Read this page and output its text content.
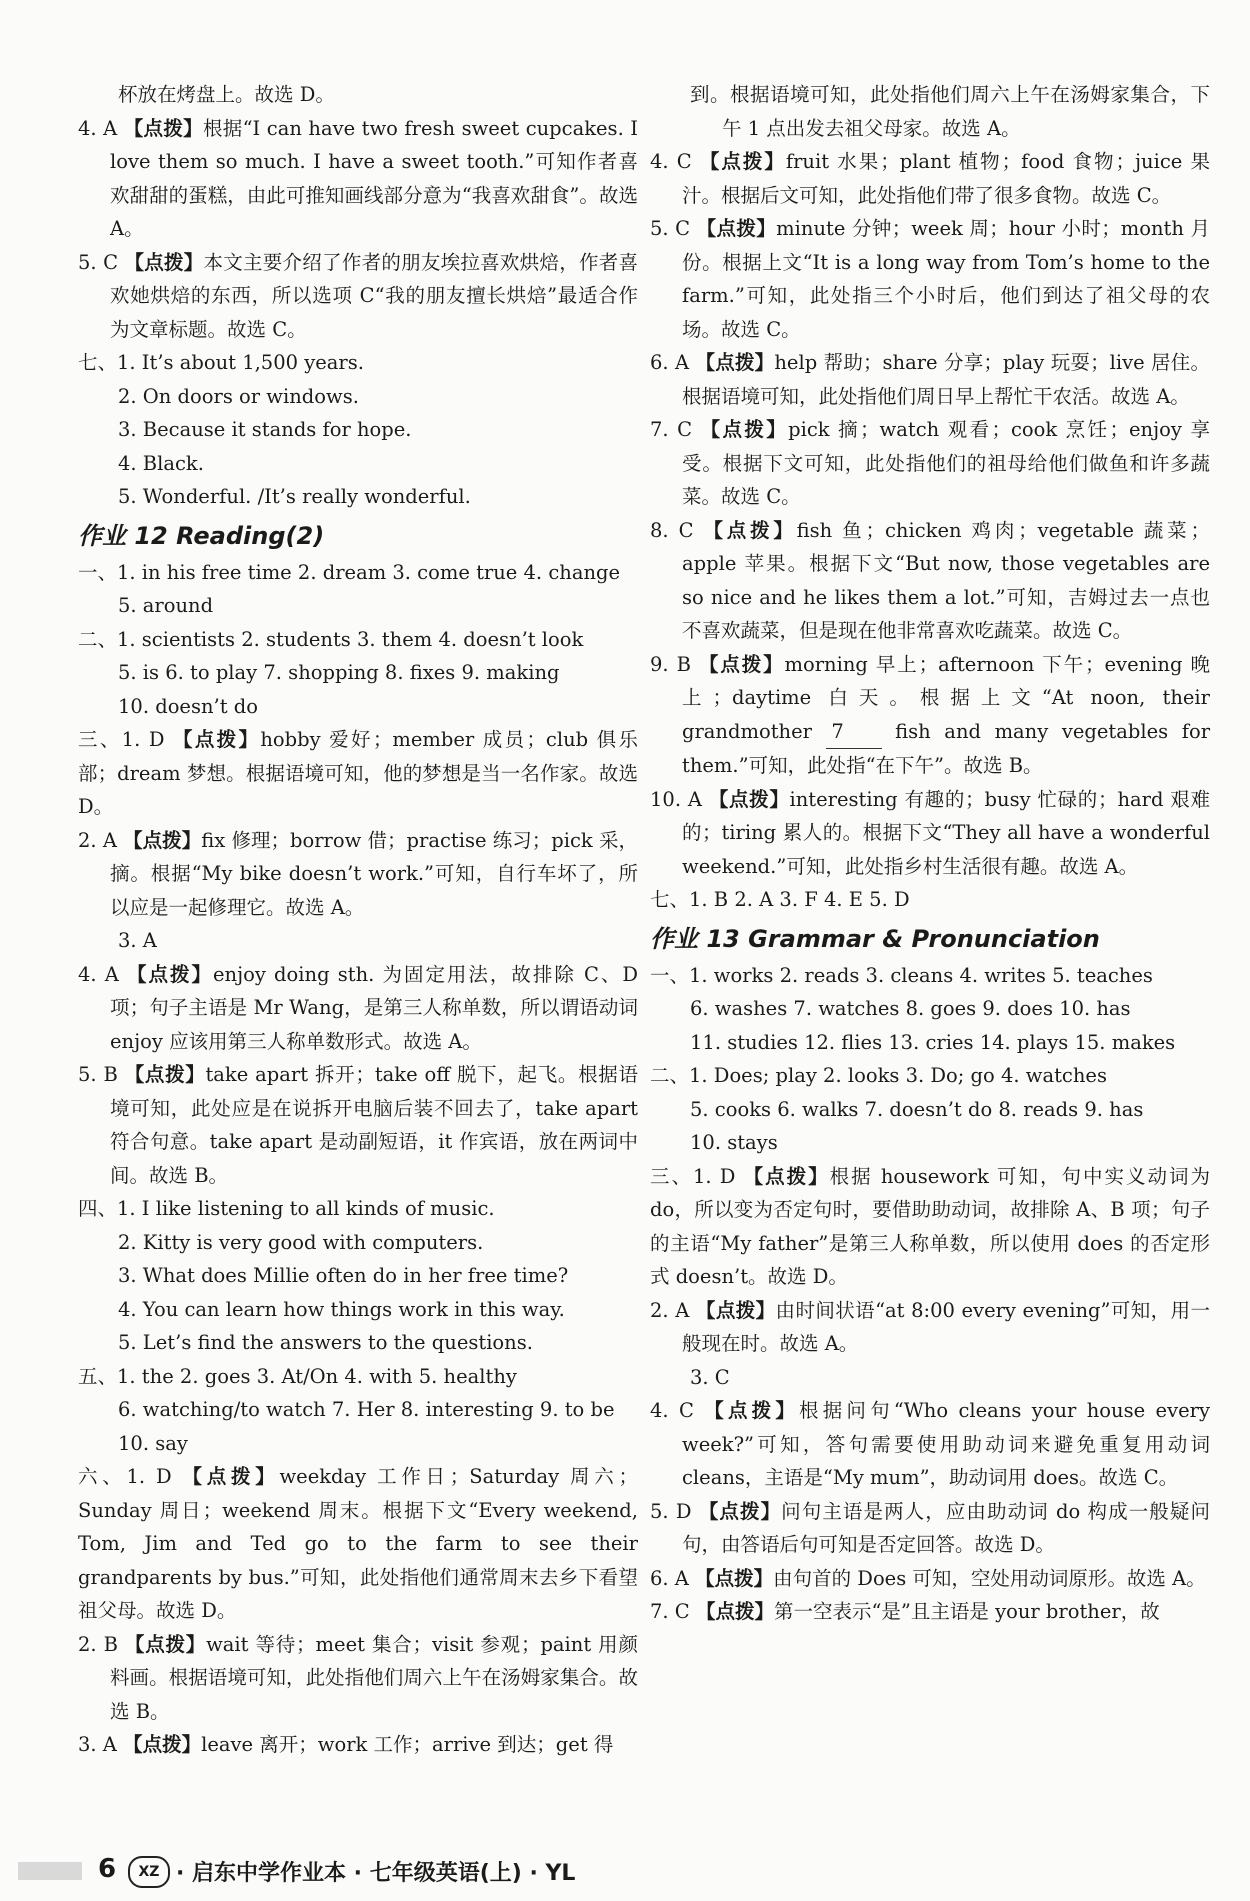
杯放在烤盘上。故选 D。

4. A 【点拨】根据“I can have two fresh sweet cupcakes. I love them so much. I have a sweet tooth.”可知作者喜欢甜甜的蛋糕，由此可推知画线部分意为“我喜欢甜食”。故选 A。

5. C 【点拨】本文主要介绍了作者的朋友埃拉喜欢烘焙，作者喜欢她烘焙的东西，所以选项 C“我的朋友擅长烘焙”最适合作为文章标题。故选 C。

七、1. It’s about 1,500 years.

2. On doors or windows.

3. Because it stands for hope.

4. Black.

5. Wonderful. /It’s really wonderful.

作业 12 Reading(2)

一、1. in his free time 2. dream 3. come true 4. change

5. around

二、1. scientists 2. students 3. them 4. doesn’t look

5. is 6. to play 7. shopping 8. fixes 9. making

10. doesn’t do

三、1. D 【点拨】hobby 爱好；member 成员；club 俱乐部；dream 梦想。根据语境可知，他的梦想是当一名作家。故选 D。

2. A 【点拨】fix 修理；borrow 借；practise 练习；pick 采，摘。根据“My bike doesn’t work.”可知，自行车坏了，所以应是一起修理它。故选 A。

3. A

4. A 【点拨】enjoy doing sth. 为固定用法，故排除 C、D 项；句子主语是 Mr Wang，是第三人称单数，所以谓语动词 enjoy 应该用第三人称单数形式。故选 A。

5. B 【点拨】take apart 拆开；take off 脱下，起飞。根据语境可知，此处应是在说拆开电脑后装不回去了，take apart 符合句意。take apart 是动副短语，it 作宾语，放在两词中间。故选 B。

四、1. I like listening to all kinds of music.

2. Kitty is very good with computers.

3. What does Millie often do in her free time?

4. You can learn how things work in this way.

5. Let’s find the answers to the questions.

五、1. the 2. goes 3. At/On 4. with 5. healthy

6. watching/to watch 7. Her 8. interesting 9. to be

10. say

六、1. D 【点拨】weekday 工作日；Saturday 周六；Sunday 周日；weekend 周末。根据下文“Every weekend, Tom, Jim and Ted go to the farm to see their grandparents by bus.”可知，此处指他们通常周末去乡下看望祖父母。故选 D。

2. B 【点拨】wait 等待；meet 集合；visit 参观；paint 用颜料画。根据语境可知，此处指他们周六上午在汤姆家集合。故选 B。

3. A 【点拨】leave 离开；work 工作；arrive 到达；get 得

到。根据语境可知，此处指他们周六上午在汤姆家集合，下午 1 点出发去祖父母家。故选 A。

4. C 【点拨】fruit 水果；plant 植物；food 食物；juice 果汁。根据后文可知，此处指他们带了很多食物。故选 C。

5. C 【点拨】minute 分钟；week 周；hour 小时；month 月份。根据上文“It is a long way from Tom’s home to the farm.”可知，此处指三个小时后，他们到达了祖父母的农场。故选 C。

6. A 【点拨】help 帮助；share 分享；play 玩耍；live 居住。根据语境可知，此处指他们周日早上帮忙干农活。故选 A。

7. C 【点拨】pick 摘；watch 观看；cook 烹饪；enjoy 享受。根据下文可知，此处指他们的祖母给他们做鱼和许多蔬菜。故选 C。

8. C 【点拨】fish 鱼；chicken 鸡肉；vegetable 蔬菜；apple 苹果。根据下文“But now, those vegetables are so nice and he likes them a lot.”可知，吉姆过去一点也不喜欢蔬菜，但是现在他非常喜欢吃蔬菜。故选 C。

9. B 【点拨】morning 早上；afternoon 下午；evening 晚上；daytime 白天。根据上文“At noon, their grandmother 7	fish and many vegetables for them.”可知，此处指“在下午”。故选 B。

10. A 【点拨】interesting 有趣的；busy 忙碌的；hard 艰难的；tiring 累人的。根据下文“They all have a wonderful weekend.”可知，此处指乡村生活很有趣。故选 A。

七、1. B 2. A 3. F 4. E 5. D

作业 13 Grammar & Pronunciation

一、1. works 2. reads 3. cleans 4. writes 5. teaches

6. washes 7. watches 8. goes 9. does 10. has

11. studies 12. flies 13. cries 14. plays 15. makes

二、1. Does; play 2. looks 3. Do; go 4. watches

5. cooks 6. walks 7. doesn’t do 8. reads 9. has

10. stays

三、1. D 【点拨】根据 housework 可知，句中实义动词为 do，所以变为否定句时，要借助助动词，故排除 A、B 项；句子的主语“My father”是第三人称单数，所以使用 does 的否定形式 doesn’t。故选 D。

2. A 【点拨】由时间状语“at 8:00 every evening”可知，用一般现在时。故选 A。

3. C

4. C 【点拨】根据问句“Who cleans your house every week?”可知，答句需要使用助动词来避免重复用动词 cleans，主语是“My mum”，助动词用 does。故选 C。

5. D 【点拨】问句主语是两人，应由助动词 do 构成一般疑问句，由答语后句可知是否定回答。故选 D。

6. A 【点拨】由句首的 Does 可知，空处用动词原形。故选 A。

7. C 【点拨】第一空表示“是”且主语是 your brother，故

6	XZ · 启东中学作业本 · 七年级英语(上) · YL
